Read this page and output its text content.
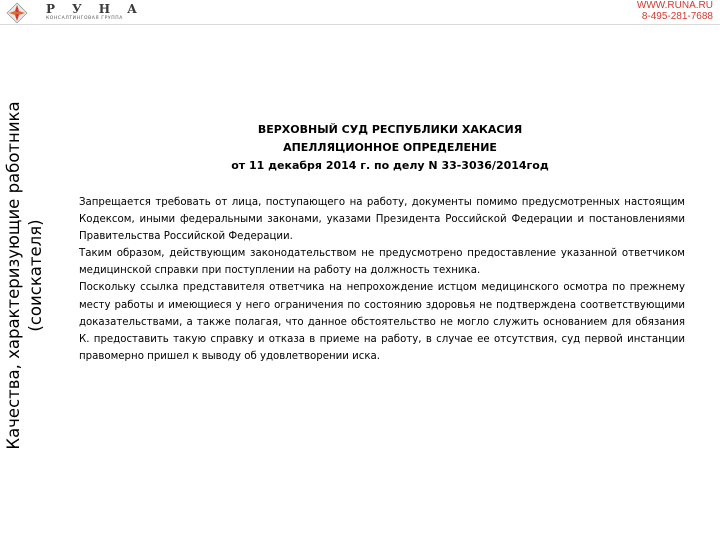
РУНА
КОНСАЛТИНГОВАЯ ГРУППА
WWW.RUNA.RU
8-495-281-7688
Качества, характеризующие работника (соискателя)
ВЕРХОВНЫЙ СУД РЕСПУБЛИКИ ХАКАСИЯ
АПЕЛЛЯЦИОННОЕ ОПРЕДЕЛЕНИЕ
от 11 декабря 2014 г. по делу N 33-3036/2014год

Запрещается требовать от лица, поступающего на работу, документы помимо предусмотренных настоящим Кодексом, иными федеральными законами, указами Президента Российской Федерации и постановлениями Правительства Российской Федерации.

Таким образом, действующим законодательством не предусмотрено предоставление указанной ответчиком медицинской справки при поступлении на работу на должность техника.

Поскольку ссылка представителя ответчика на непрохождение истцом медицинского осмотра по прежнему месту работы и имеющиеся у него ограничения по состоянию здоровья не подтверждена соответствующими доказательствами, а также полагая, что данное обстоятельство не могло служить основанием для обязания К. предоставить такую справку и отказа в приеме на работу, в случае ее отсутствия, суд первой инстанции правомерно пришел к выводу об удовлетворении иска.
